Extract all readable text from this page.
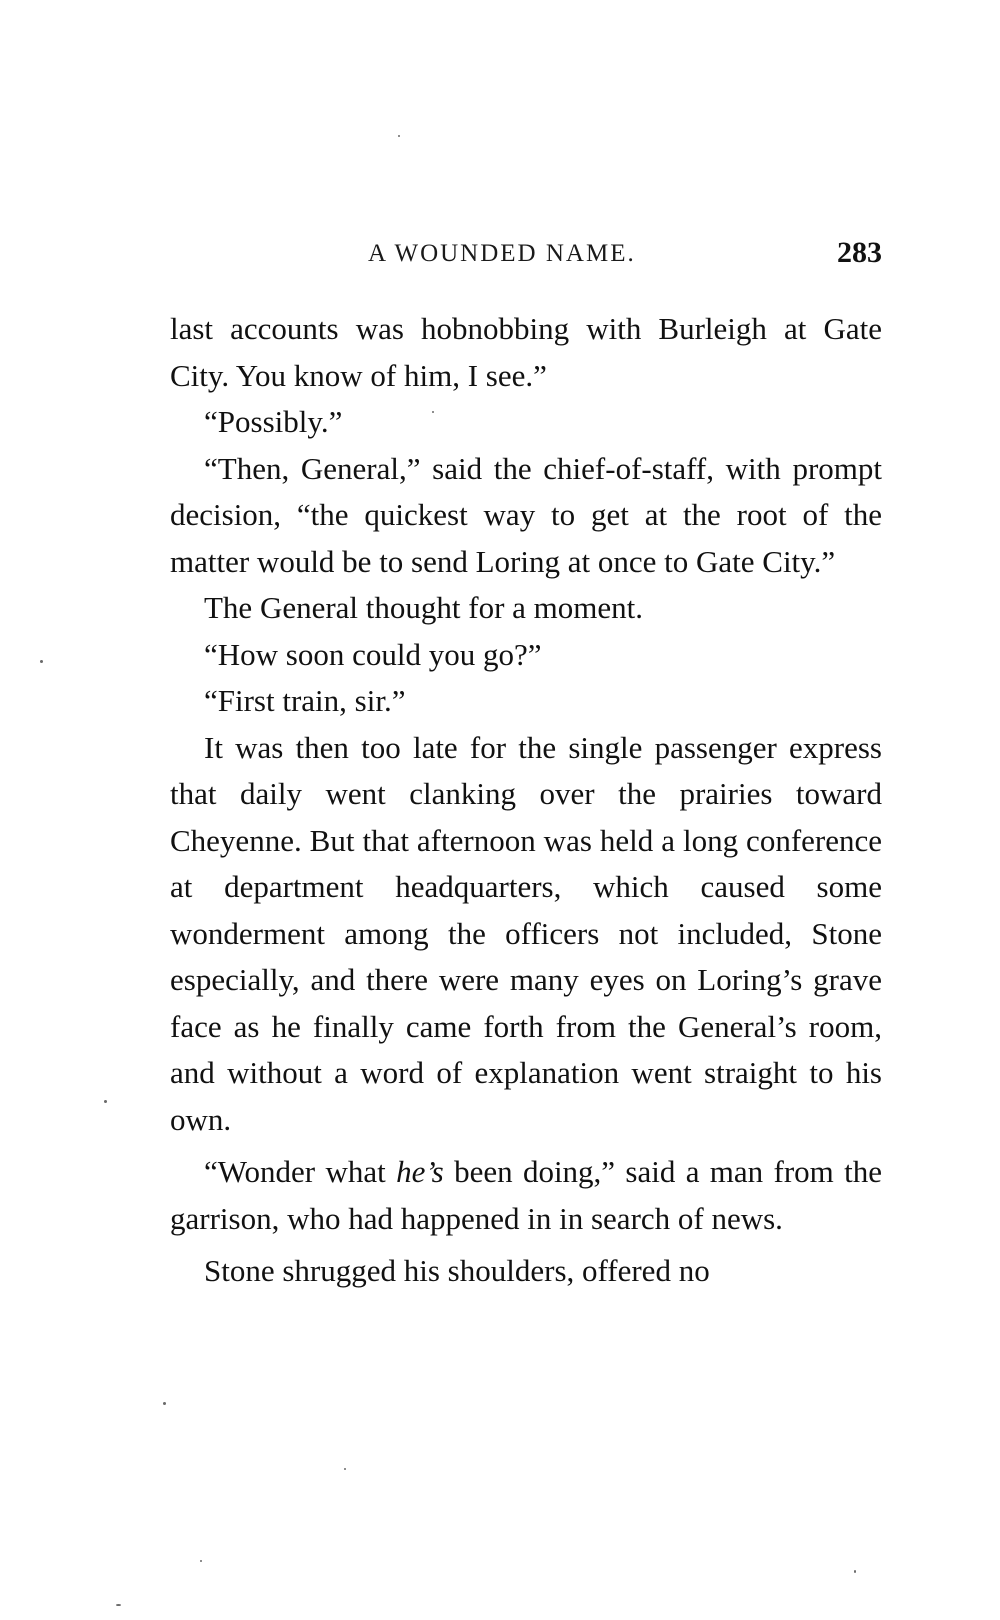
A WOUNDED NAME.	283

last accounts was hobnobbing with Burleigh at Gate City. You know of him, I see.”

“Possibly.”

“Then, General,” said the chief-of-staff, with prompt decision, “the quickest way to get at the root of the matter would be to send Loring at once to Gate City.”

The General thought for a moment.

“How soon could you go?”

“First train, sir.”

It was then too late for the single passenger express that daily went clanking over the prairies toward Cheyenne. But that afternoon was held a long conference at department headquarters, which caused some wonderment among the officers not included, Stone especially, and there were many eyes on Loring’s grave face as he finally came forth from the General’s room, and without a word of explanation went straight to his own.

“Wonder what he’s been doing,” said a man from the garrison, who had happened in in search of news.

Stone shrugged his shoulders, offered no
